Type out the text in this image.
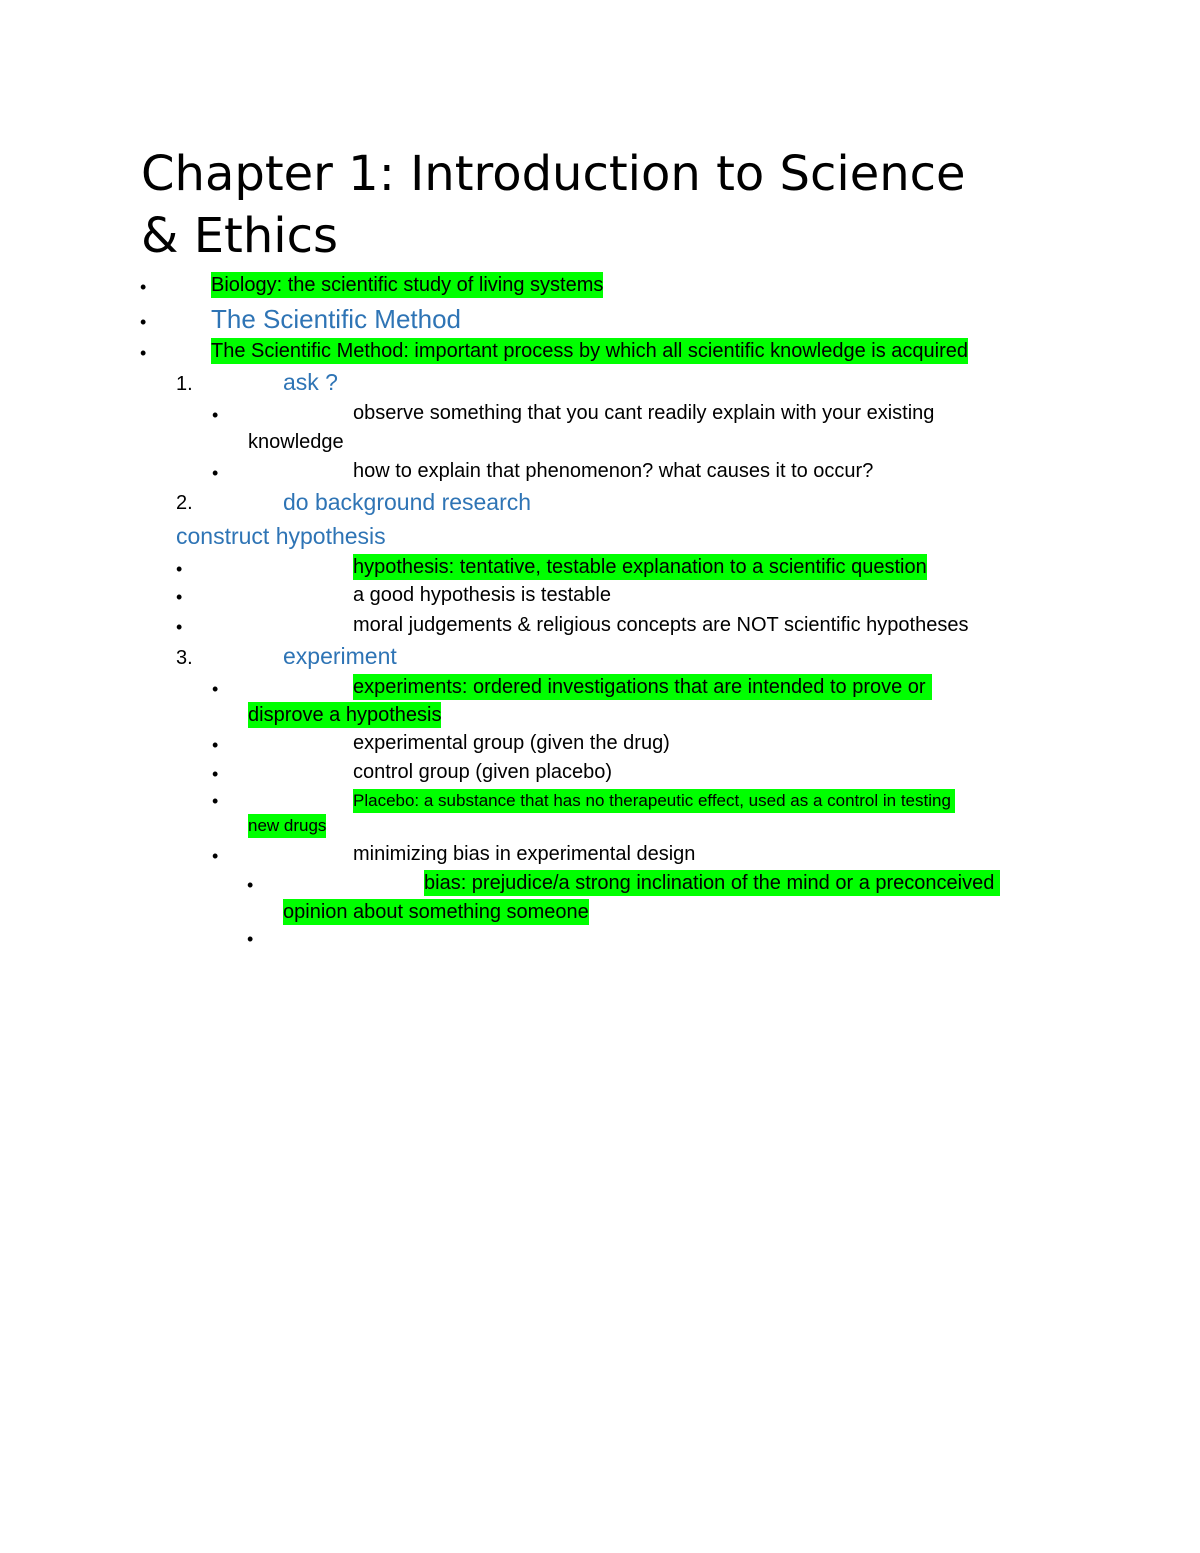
Chapter 1: Introduction to Science
& Ethics
•	Biology: the scientific study of living systems
• The Scientific Method
•	The Scientific Method: important process by which all scientific knowledge is acquired
1.	ask ?
•	observe something that you cant readily explain with your existing
knowledge
•	how to explain that phenomenon? what causes it to occur?
2.	do background research
construct hypothesis
•	hypothesis: tentative, testable explanation to a scientific question
•	a good hypothesis is testable
•	moral judgements & religious concepts are NOT scientific hypotheses
3.	experiment
•	experiments: ordered investigations that are intended to prove or
disprove a hypothesis
•	experimental group (given the drug)
•	control group (given placebo)
•	Placebo: a substance that has no therapeutic effect, used as a control in testing
new drugs
•	minimizing bias in experimental design
•	bias: prejudice/a strong inclination of the mind or a preconceived
opinion about something someone
•
